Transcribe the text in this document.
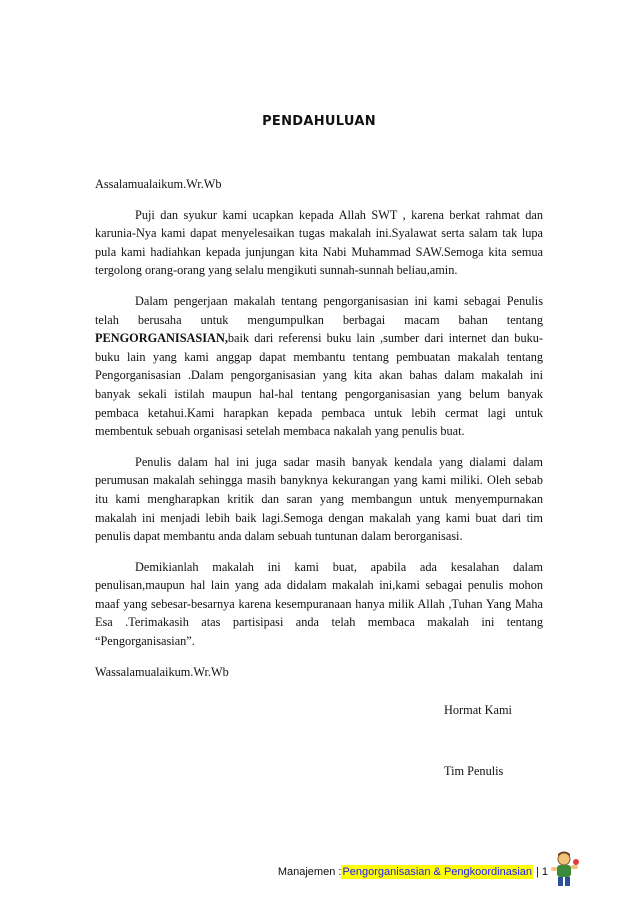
PENDAHULUAN

Assalamualaikum.Wr.Wb

Puji dan syukur kami ucapkan kepada Allah SWT , karena berkat rahmat dan karunia-Nya kami dapat menyelesaikan tugas makalah ini.Syalawat serta salam tak lupa pula kami hadiahkan kepada junjungan kita Nabi Muhammad SAW.Semoga kita semua tergolong orang-orang yang selalu mengikuti sunnah-sunnah beliau,amin.

Dalam pengerjaan makalah tentang pengorganisasian ini kami sebagai Penulis telah berusaha untuk mengumpulkan berbagai macam bahan tentang PENGORGANISASIAN,baik dari referensi buku lain ,sumber dari internet dan buku-buku lain yang kami anggap dapat membantu tentang pembuatan makalah tentang Pengorganisasian .Dalam pengorganisasian yang kita akan bahas dalam makalah ini banyak sekali istilah maupun hal-hal tentang pengorganisasian yang belum banyak pembaca ketahui.Kami harapkan kepada pembaca untuk lebih cermat lagi untuk membentuk sebuah organisasi setelah membaca nakalah yang penulis buat.

Penulis dalam hal ini juga sadar masih banyak kendala yang dialami dalam perumusan makalah sehingga masih banyknya kekurangan yang kami miliki. Oleh sebab itu kami mengharapkan kritik dan saran yang membangun untuk menyempurnakan makalah ini menjadi lebih baik lagi.Semoga dengan makalah yang kami buat dari tim penulis dapat membantu anda dalam sebuah tuntunan dalam berorganisasi.

Demikianlah makalah ini kami buat, apabila ada kesalahan dalam penulisan,maupun hal lain yang ada didalam makalah ini,kami sebagai penulis mohon maaf yang sebesar-besarnya karena kesempuranaan hanya milik Allah ,Tuhan Yang Maha Esa .Terimakasih atas partisipasi anda telah membaca makalah ini tentang “Pengorganisasian”.

Wassalamualaikum.Wr.Wb

Hormat Kami
Tim Penulis
Manajemen : Pengorganisasian & Pengkoordinasian | 1
